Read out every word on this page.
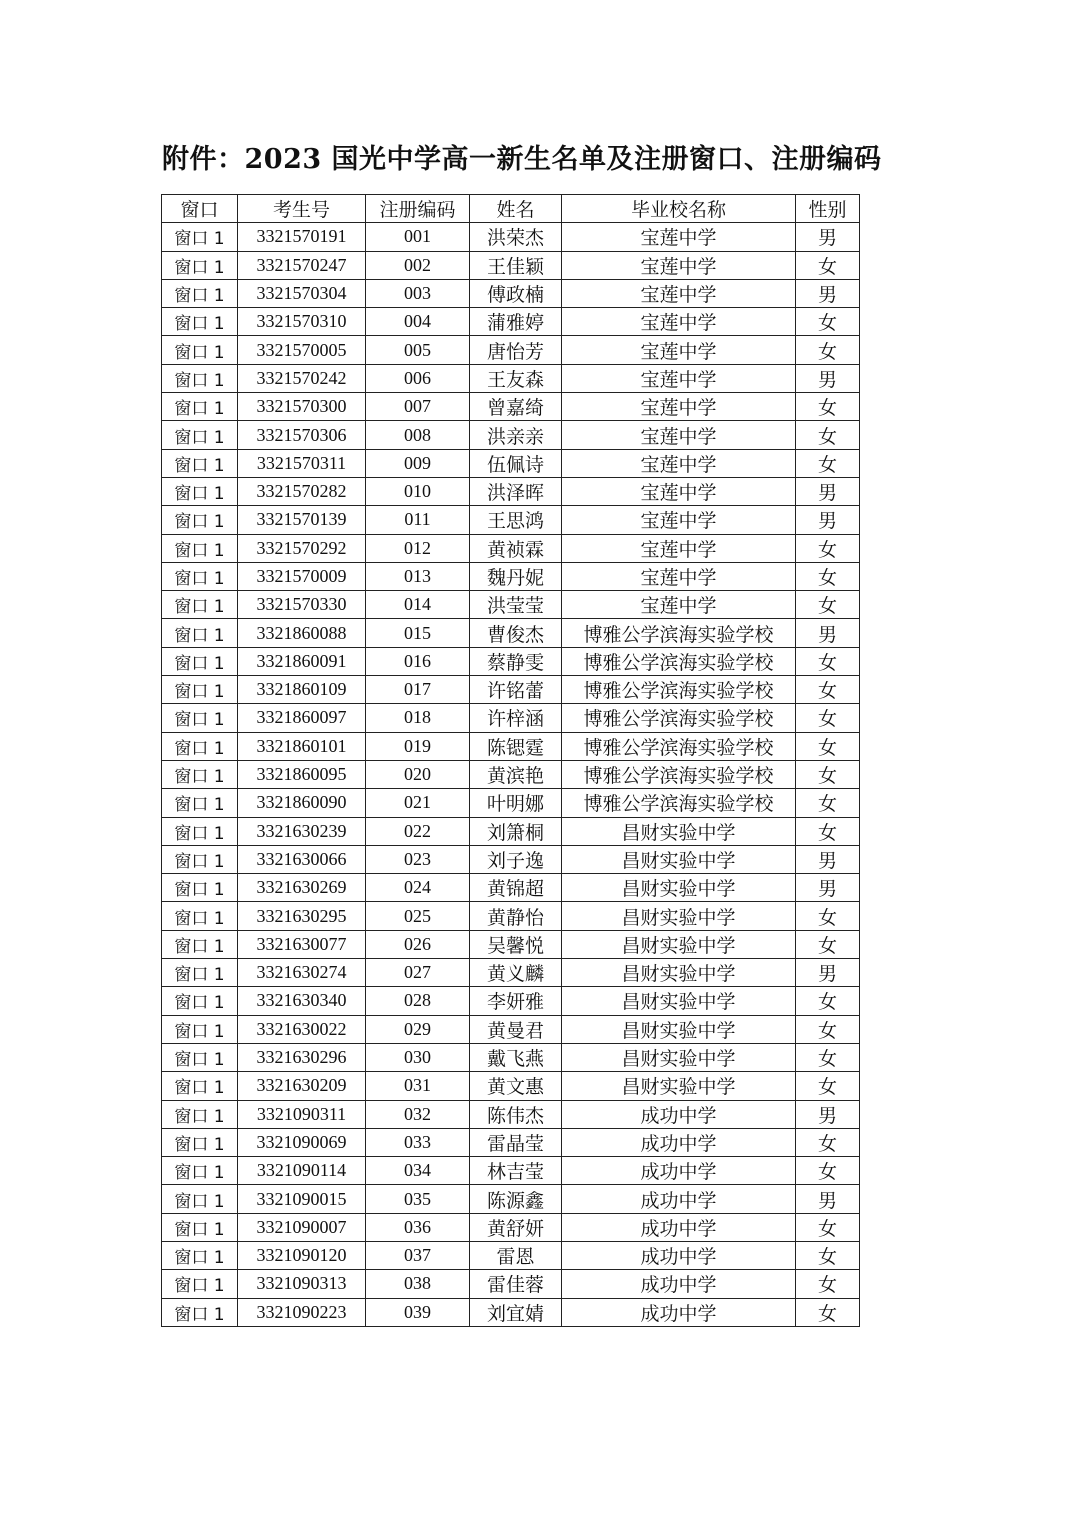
附件：2023 国光中学高一新生名单及注册窗口、注册编码
窗口	考生号	注册编码	姓名	毕业校名称	性别
窗口 1	3321570191	001	洪荣杰	宝莲中学	男
窗口 1	3321570247	002	王佳颖	宝莲中学	女
窗口 1	3321570304	003	傅政楠	宝莲中学	男
窗口 1	3321570310	004	蒲雅婷	宝莲中学	女
窗口 1	3321570005	005	唐怡芳	宝莲中学	女
窗口 1	3321570242	006	王友森	宝莲中学	男
窗口 1	3321570300	007	曾嘉绮	宝莲中学	女
窗口 1	3321570306	008	洪亲亲	宝莲中学	女
窗口 1	3321570311	009	伍佩诗	宝莲中学	女
窗口 1	3321570282	010	洪泽晖	宝莲中学	男
窗口 1	3321570139	011	王思鸿	宝莲中学	男
窗口 1	3321570292	012	黄祯霖	宝莲中学	女
窗口 1	3321570009	013	魏丹妮	宝莲中学	女
窗口 1	3321570330	014	洪莹莹	宝莲中学	女
窗口 1	3321860088	015	曹俊杰	博雅公学滨海实验学校	男
窗口 1	3321860091	016	蔡静雯	博雅公学滨海实验学校	女
窗口 1	3321860109	017	许铭蕾	博雅公学滨海实验学校	女
窗口 1	3321860097	018	许梓涵	博雅公学滨海实验学校	女
窗口 1	3321860101	019	陈锶霆	博雅公学滨海实验学校	女
窗口 1	3321860095	020	黄滨艳	博雅公学滨海实验学校	女
窗口 1	3321860090	021	叶明娜	博雅公学滨海实验学校	女
窗口 1	3321630239	022	刘箫桐	昌财实验中学	女
窗口 1	3321630066	023	刘子逸	昌财实验中学	男
窗口 1	3321630269	024	黄锦超	昌财实验中学	男
窗口 1	3321630295	025	黄静怡	昌财实验中学	女
窗口 1	3321630077	026	吴馨悦	昌财实验中学	女
窗口 1	3321630274	027	黄义麟	昌财实验中学	男
窗口 1	3321630340	028	李妍雅	昌财实验中学	女
窗口 1	3321630022	029	黄曼君	昌财实验中学	女
窗口 1	3321630296	030	戴飞燕	昌财实验中学	女
窗口 1	3321630209	031	黄文惠	昌财实验中学	女
窗口 1	3321090311	032	陈伟杰	成功中学	男
窗口 1	3321090069	033	雷晶莹	成功中学	女
窗口 1	3321090114	034	林吉莹	成功中学	女
窗口 1	3321090015	035	陈源鑫	成功中学	男
窗口 1	3321090007	036	黄舒妍	成功中学	女
窗口 1	3321090120	037	雷恩	成功中学	女
窗口 1	3321090313	038	雷佳蓉	成功中学	女
窗口 1	3321090223	039	刘宜婧	成功中学	女
